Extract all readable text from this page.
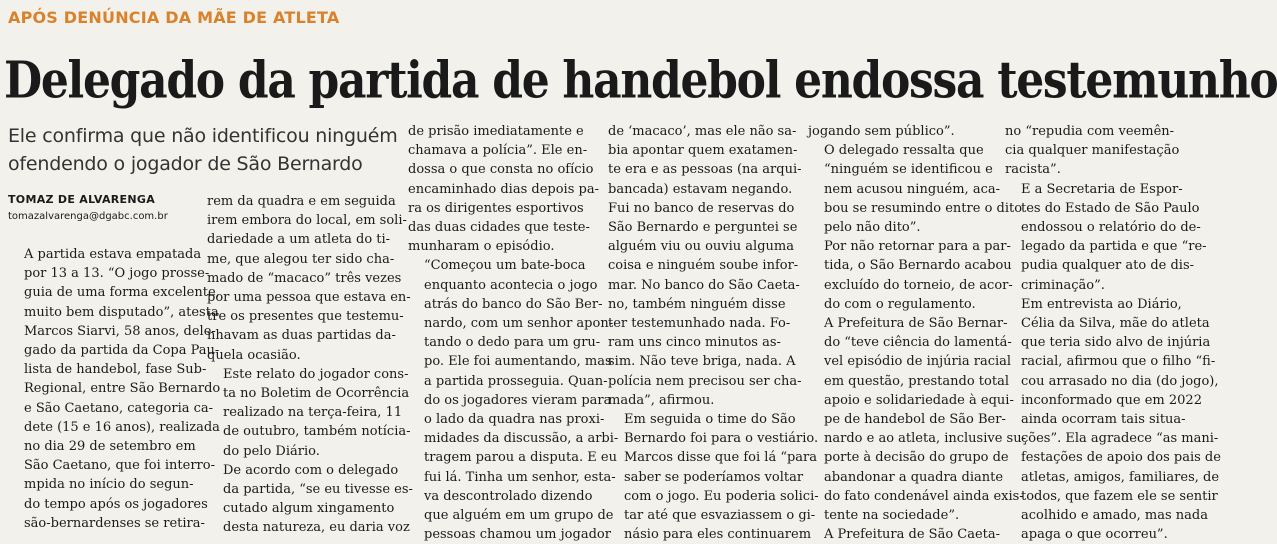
APÓS DENÚNCIA DA MÃE DE ATLETA
Delegado da partida de handebol endossa testemunho
Ele confirma que não identificou ninguém
ofendendo o jogador de São Bernardo
TOMAZ DE ALVARENGA
tomazalvarenga@dgabc.com.br

A partida estava empatada
por 13 a 13. “O jogo prosse-
guia de uma forma excelente,
muito bem disputado”, atesta
Marcos Siarvi, 58 anos, dele-
gado da partida da Copa Pau-
lista de handebol, fase Sub-
Regional, entre São Bernardo
e São Caetano, categoria ca-
dete (15 e 16 anos), realizada
no dia 29 de setembro em
São Caetano, que foi interro-
mpida no início do segun-
do tempo após os jogadores
são-bernardenses se retira-

rem da quadra e em seguida
irem embora do local, em soli-
dariedade a um atleta do ti-
me, que alegou ter sido cha-
mado de “macaco” três vezes
por uma pessoa que estava en-
tre os presentes que testemu-
nhavam as duas partidas da-
quela ocasião.

Este relato do jogador cons-
ta no Boletim de Ocorrência
realizado na terça-feira, 11
de outubro, também notícia-
do pelo Diário.

De acordo com o delegado
da partida, “se eu tivesse es-
cutado algum xingamento
desta natureza, eu daria voz

de prisão imediatamente e
chamava a polícia”. Ele en-
dossa o que consta no ofício
encaminhado dias depois pa-
ra os dirigentes esportivos
das duas cidades que teste-
munharam o episódio.

“Começou um bate-boca
enquanto acontecia o jogo
atrás do banco do São Ber-
nardo, com um senhor apon-
tando o dedo para um gru-
po. Ele foi aumentando, mas
a partida prosseguia. Quan-
do os jogadores vieram para
o lado da quadra nas proxi-
midades da discussão, a arbi-
tragem parou a disputa. E eu
fui lá. Tinha um senhor, esta-
va descontrolado dizendo
que alguém em um grupo de
pessoas chamou um jogador

de ‘macaco’, mas ele não sa-
bia apontar quem exatamen-
te era e as pessoas (na arqui-
bancada) estavam negando.
Fui no banco de reservas do
São Bernardo e perguntei se
alguém viu ou ouviu alguma
coisa e ninguém soube infor-
mar. No banco do São Caeta-
no, também ninguém disse
ter testemunhado nada. Fo-
ram uns cinco minutos as-
sim. Não teve briga, nada. A
polícia nem precisou ser cha-
mada”, afirmou.

Em seguida o time do São
Bernardo foi para o vestiário.
Marcos disse que foi lá “para
saber se poderíamos voltar
com o jogo. Eu poderia solici-
tar até que esvaziassem o gi-
násio para eles continuarem

jogando sem público”.

O delegado ressalta que
“ninguém se identificou e
nem acusou ninguém, aca-
bou se resumindo entre o dito
pelo não dito”.

Por não retornar para a par-
tida, o São Bernardo acabou
excluído do torneio, de acor-
do com o regulamento.

A Prefeitura de São Bernar-
do “teve ciência do lamentá-
vel episódio de injúria racial
em questão, prestando total
apoio e solidariedade à equi-
pe de handebol de São Ber-
nardo e ao atleta, inclusive su-
porte à decisão do grupo de
abandonar a quadra diante
do fato condenável ainda exis-
tente na sociedade”.

A Prefeitura de São Caeta-

no “repudia com veemên-
cia qualquer manifestação
racista”.

E a Secretaria de Espor-
tes do Estado de São Paulo
endossou o relatório do de-
legado da partida e que “re-
pudia qualquer ato de dis-
criminação”.

Em entrevista ao Diário,
Célia da Silva, mãe do atleta
que teria sido alvo de injúria
racial, afirmou que o filho “fi-
cou arrasado no dia (do jogo),
inconformado que em 2022
ainda ocorram tais situa-
ções”. Ela agradece “as mani-
festações de apoio dos pais de
atletas, amigos, familiares, de
todos, que fazem ele se sentir
acolhido e amado, mas nada
apaga o que ocorreu”.
